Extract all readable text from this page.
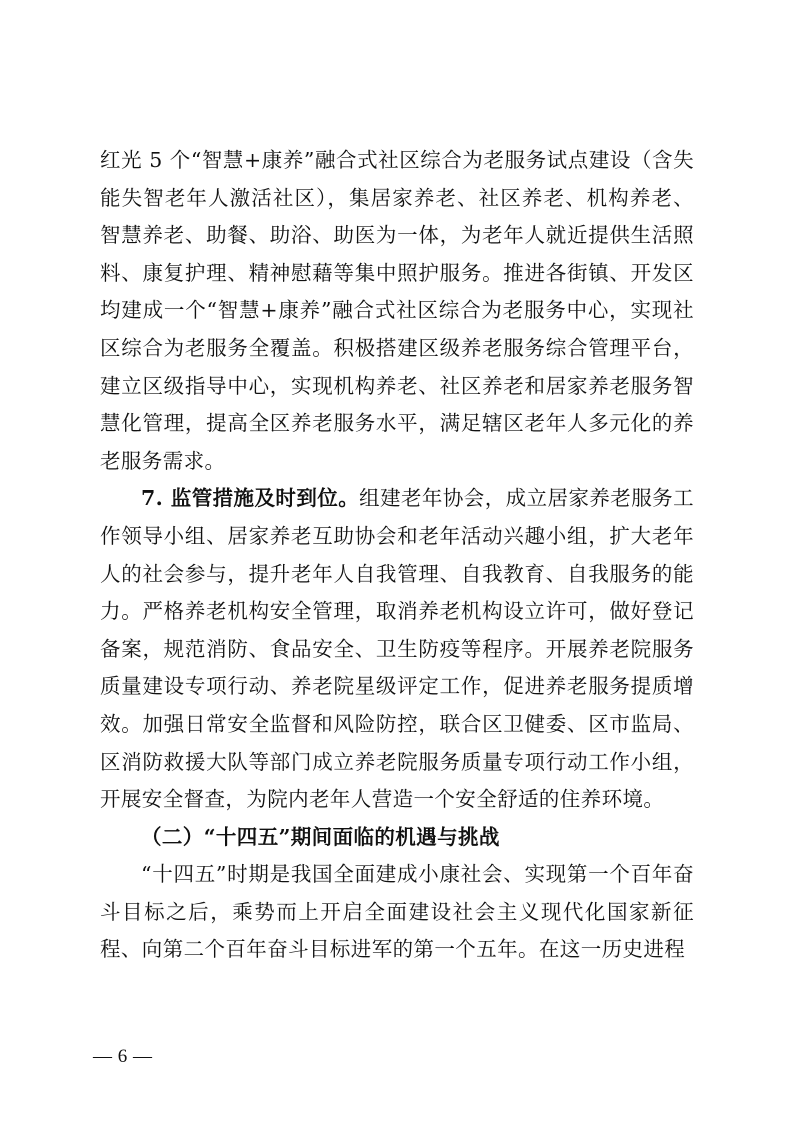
红光 5 个“智慧+康养”融合式社区综合为老服务试点建设（含失能失智老年人激活社区），集居家养老、社区养老、机构养老、智慧养老、助餐、助浴、助医为一体，为老年人就近提供生活照料、康复护理、精神慰藉等集中照护服务。推进各街镇、开发区均建成一个“智慧+康养”融合式社区综合为老服务中心，实现社区综合为老服务全覆盖。积极搭建区级养老服务综合管理平台，建立区级指导中心，实现机构养老、社区养老和居家养老服务智慧化管理，提高全区养老服务水平，满足辖区老年人多元化的养老服务需求。

7. 监管措施及时到位。组建老年协会，成立居家养老服务工作领导小组、居家养老互助协会和老年活动兴趣小组，扩大老年人的社会参与，提升老年人自我管理、自我教育、自我服务的能力。严格养老机构安全管理，取消养老机构设立许可，做好登记备案，规范消防、食品安全、卫生防疫等程序。开展养老院服务质量建设专项行动、养老院星级评定工作，促进养老服务提质增效。加强日常安全监督和风险防控，联合区卫健委、区市监局、区消防救援大队等部门成立养老院服务质量专项行动工作小组，开展安全督查，为院内老年人营造一个安全舒适的住养环境。

（二）“十四五”期间面临的机遇与挑战

“十四五”时期是我国全面建成小康社会、实现第一个百年奋斗目标之后，乘势而上开启全面建设社会主义现代化国家新征程、向第二个百年奋斗目标进军的第一个五年。在这一历史进程

— 6 —
